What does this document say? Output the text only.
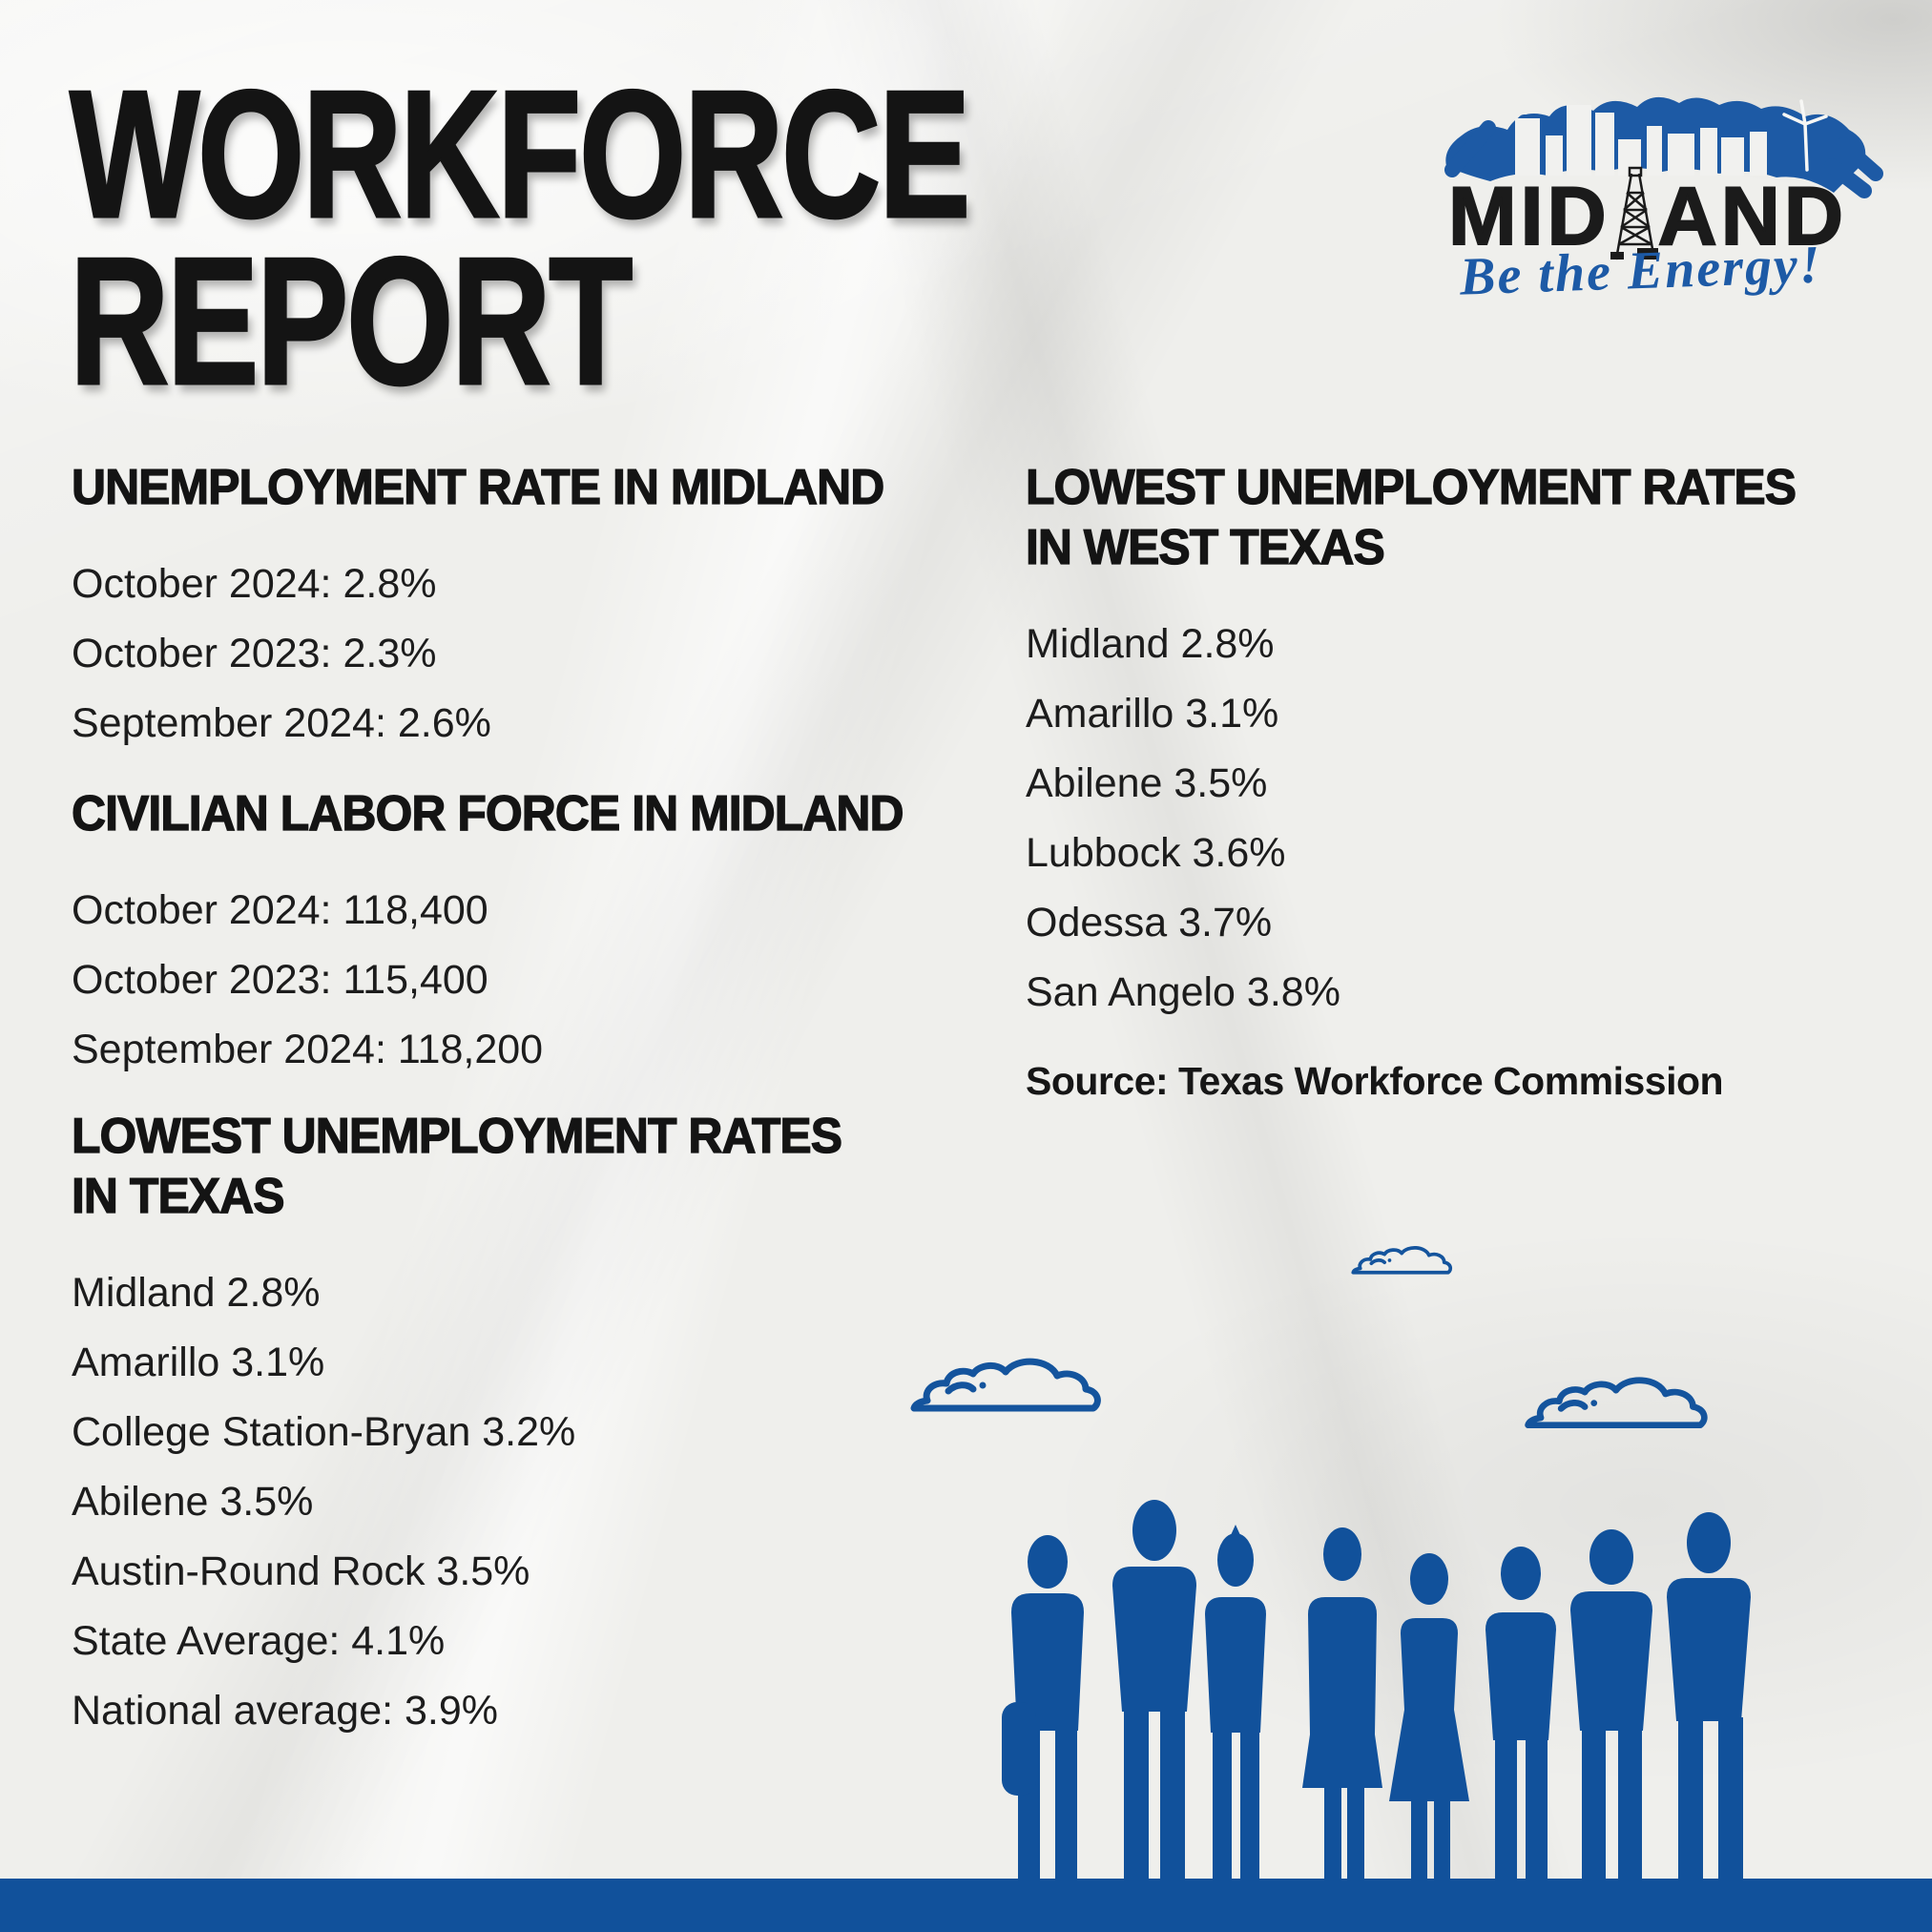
WORKFORCE
REPORT
MID AND
Be the Energy!
UNEMPLOYMENT RATE IN MIDLAND
October 2024: 2.8%
October 2023: 2.3%
September 2024: 2.6%
CIVILIAN LABOR FORCE IN MIDLAND
October 2024: 118,400
October 2023: 115,400
September 2024: 118,200
LOWEST UNEMPLOYMENT RATES
IN TEXAS
Midland 2.8%
Amarillo 3.1%
College Station-Bryan 3.2%
Abilene 3.5%
Austin-Round Rock 3.5%
State Average: 4.1%
National average: 3.9%
LOWEST UNEMPLOYMENT RATES
IN WEST TEXAS
Midland 2.8%
Amarillo 3.1%
Abilene 3.5%
Lubbock 3.6%
Odessa 3.7%
San Angelo 3.8%
Source: Texas Workforce Commission
